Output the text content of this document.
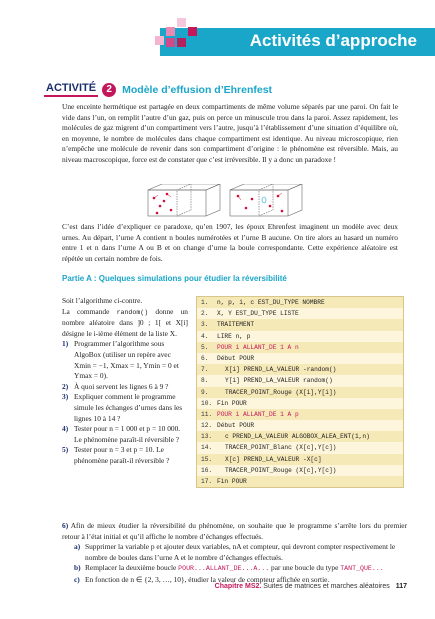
Activités d’approche
ACTIVITÉ	2 Modèle d’effusion d’Ehrenfest
Une enceinte hermétique est partagée en deux compartiments de même volume séparés par une paroi. On fait le vide dans l’un, on remplit l’autre d’un gaz, puis on perce un minuscule trou dans la paroi. Assez rapidement, les molécules de gaz migrent d’un compartiment vers l’autre, jusqu’à l’établissement d’une situation d’équilibre où, en moyenne, le nombre de molécules dans chaque compartiment est identique. Au niveau microscopique, rien n’empêche une molécule de revenir dans son compartiment d’origine : le phénomène est réversible. Mais, au niveau macroscopique, force est de constater que c’est irréversible. Il y a donc un paradoxe !
C’est dans l’idée d’expliquer ce paradoxe, qu’en 1907, les époux Ehrenfest imaginent un modèle avec deux urnes. Au départ, l’urne A contient n boules numérotées et l’urne B aucune. On tire alors au hasard un numéro entre 1 et n dans l’urne A ou B et on change d’urne la boule correspondante. Cette expérience aléatoire est répétée un certain nombre de fois.
Partie A : Quelques simulations pour étudier la réversibilité
Soit l’algorithme ci-contre.
La commande random() donne un nombre aléatoire dans ]0 ; 1[ et X[i] désigne le i-ième élément de la liste X.
1) Programmer l’algorithme sous AlgoBox (utiliser un repère avec Xmin = −1, Xmax = 1, Ymin = 0 et Ymax = 0).
2) À quoi servent les lignes 6 à 9 ?
3) Expliquer comment le programme simule les échanges d’urnes dans les lignes 10 à 14 ?
4) Tester pour n = 1 000 et p = 10 000. Le phénomène paraît-il réversible ?
5) Tester pour n = 3 et p = 10. Le phénomène paraît-il réversible ?
1.	n, p, i, c EST_DU_TYPE NOMBRE
2.	X, Y EST_DU_TYPE LISTE
3.	TRAITEMENT
4.	LIRE n, p
5.	POUR i ALLANT_DE 1 A n
6.	Début POUR
7.	X[i] PREND_LA_VALEUR -random()
8.	Y[i] PREND_LA_VALEUR random()
9.	TRACER_POINT_Rouge (X[i],Y[i])
10. Fin POUR
11. POUR i ALLANT_DE 1 A p
12. Début POUR
13.	c PREND_LA_VALEUR ALGOBOX_ALEA_ENT(1,n)
14.	TRACER_POINT_Blanc (X[c],Y[c])
15.	X[c] PREND_LA_VALEUR -X[c]
16.	TRACER_POINT_Rouge (X[c],Y[c])
17. Fin POUR
6) Afin de mieux étudier la réversibilité du phénomène, on souhaite que le programme s’arrête lors du premier retour à l’état initial et qu’il affiche le nombre d’échanges effectués.
a) Supprimer la variable p et ajouter deux variables, nA et compteur, qui devront compter respectivement le nombre de boules dans l’urne A et le nombre d’échanges effectués.
b) Remplacer la deuxième boucle POUR...ALLANT_DE...A... par une boucle du type TANT_QUE...
c) En fonction de n ∈ {2, 3, …, 10}, étudier la valeur de compteur affichée en sortie.
Chapitre MS2. Suites de matrices et marches aléatoires 117
